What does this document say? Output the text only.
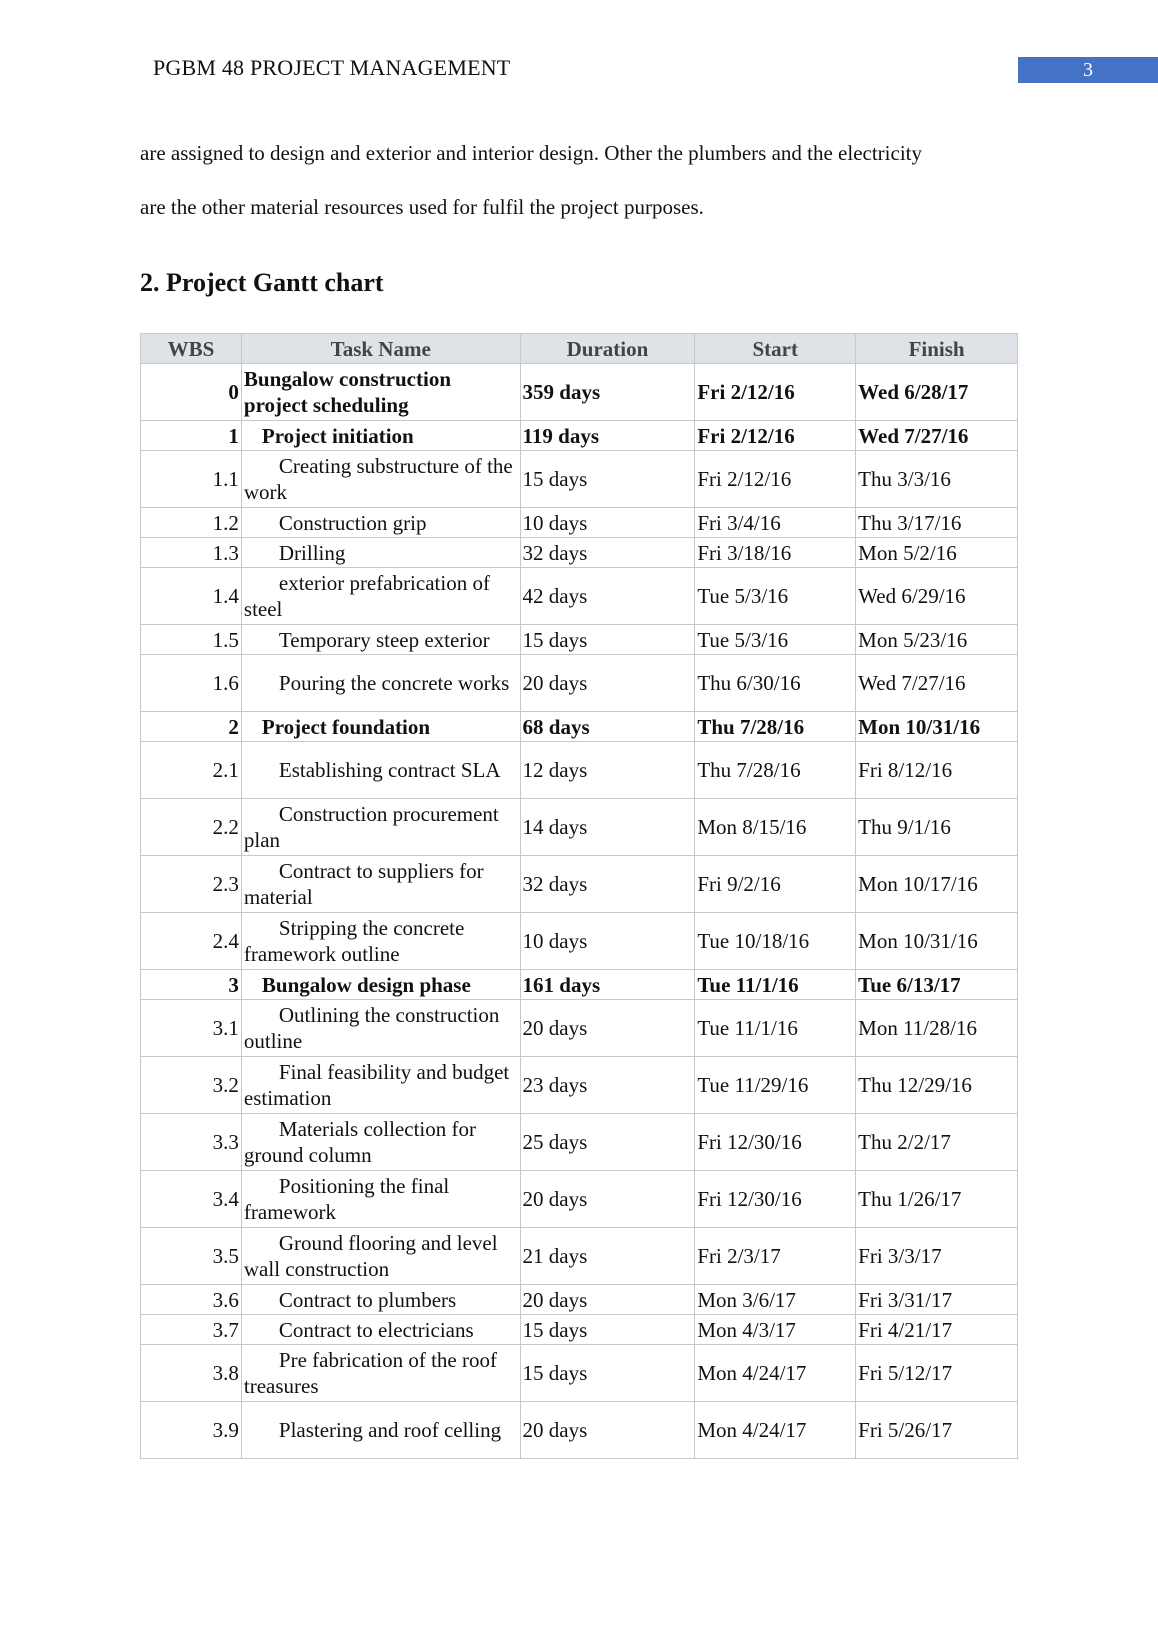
PGBM 48 PROJECT MANAGEMENT	3

are assigned to design and exterior and interior design. Other the plumbers and the electricity

are the other material resources used for fulfil the project purposes.

2. Project Gantt chart
WBS	Task Name	Duration	Start	Finish
0	Bungalow construction project scheduling	359 days	Fri 2/12/16	Wed 6/28/17
1	Project initiation	119 days	Fri 2/12/16	Wed 7/27/16
1.1	Creating substructure of the work	15 days	Fri 2/12/16	Thu 3/3/16
1.2	Construction grip	10 days	Fri 3/4/16	Thu 3/17/16
1.3	Drilling	32 days	Fri 3/18/16	Mon 5/2/16
1.4	exterior prefabrication of steel	42 days	Tue 5/3/16	Wed 6/29/16
1.5	Temporary steep exterior	15 days	Tue 5/3/16	Mon 5/23/16
1.6	Pouring the concrete works	20 days	Thu 6/30/16	Wed 7/27/16
2	Project foundation	68 days	Thu 7/28/16	Mon 10/31/16
2.1	Establishing contract SLA	12 days	Thu 7/28/16	Fri 8/12/16
2.2	Construction procurement plan	14 days	Mon 8/15/16	Thu 9/1/16
2.3	Contract to suppliers for material	32 days	Fri 9/2/16	Mon 10/17/16
2.4	Stripping the concrete framework outline	10 days	Tue 10/18/16	Mon 10/31/16
3	Bungalow design phase	161 days	Tue 11/1/16	Tue 6/13/17
3.1	Outlining the construction outline	20 days	Tue 11/1/16	Mon 11/28/16
3.2	Final feasibility and budget estimation	23 days	Tue 11/29/16	Thu 12/29/16
3.3	Materials collection for ground column	25 days	Fri 12/30/16	Thu 2/2/17
3.4	Positioning the final framework	20 days	Fri 12/30/16	Thu 1/26/17
3.5	Ground flooring and level wall construction	21 days	Fri 2/3/17	Fri 3/3/17
3.6	Contract to plumbers	20 days	Mon 3/6/17	Fri 3/31/17
3.7	Contract to electricians	15 days	Mon 4/3/17	Fri 4/21/17
3.8	Pre fabrication of the roof treasures	15 days	Mon 4/24/17	Fri 5/12/17
3.9	Plastering and roof celling	20 days	Mon 4/24/17	Fri 5/26/17
